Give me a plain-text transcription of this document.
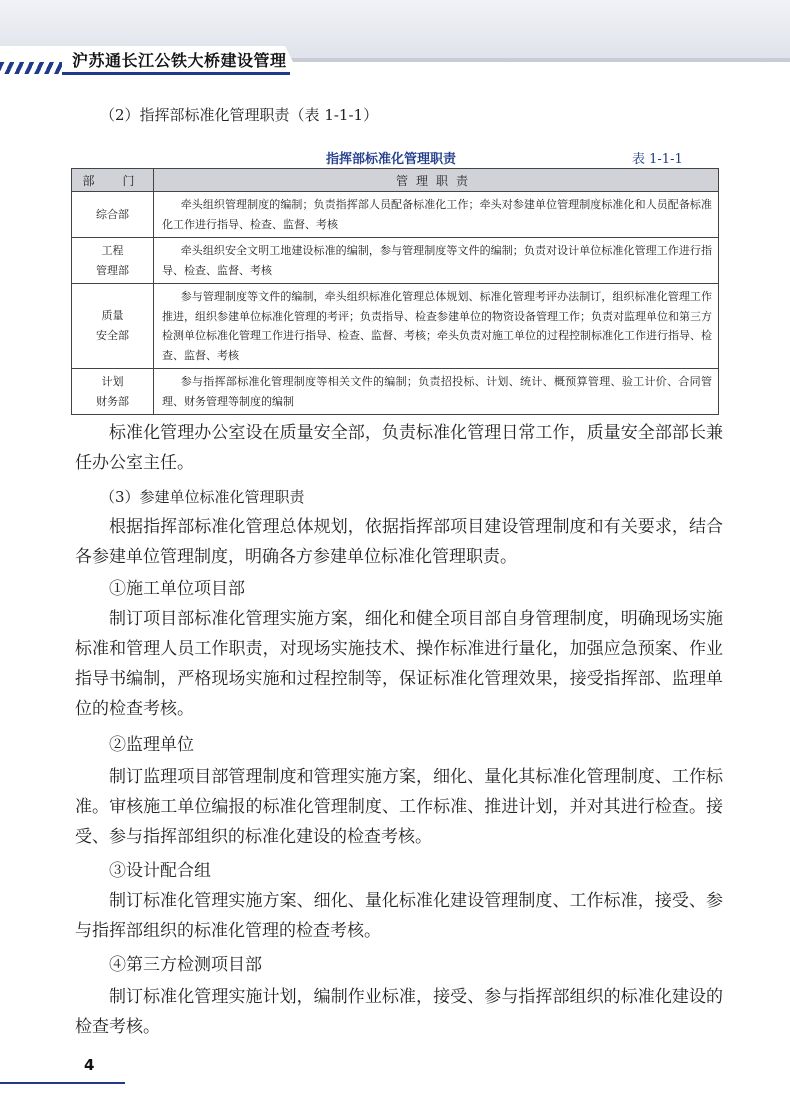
沪苏通长江公铁大桥建设管理
（2）指挥部标准化管理职责（表 1-1-1）
指挥部标准化管理职责	表 1-1-1
部　门	管理职责

综合部	牵头组织管理制度的编制；负责指挥部人员配备标准化工作；牵头对参建单位管理制度标准化和人员配备标准化工作进行指导、检查、监督、考核

工程
管理部	牵头组织安全文明工地建设标准的编制，参与管理制度等文件的编制；负责对设计单位标准化管理工作进行指导、检查、监督、考核

质量
安全部	参与管理制度等文件的编制，牵头组织标准化管理总体规划、标准化管理考评办法制订，组织标准化管理工作推进，组织参建单位标准化管理的考评；负责指导、检查参建单位的物资设备管理工作；负责对监理单位和第三方检测单位标准化管理工作进行指导、检查、监督、考核；牵头负责对施工单位的过程控制标准化工作进行指导、检查、监督、考核

计划
财务部	参与指挥部标准化管理制度等相关文件的编制；负责招投标、计划、统计、概预算管理、验工计价、合同管理、财务管理等制度的编制
标准化管理办公室设在质量安全部，负责标准化管理日常工作，质量安全部部长兼任办公室主任。
（3）参建单位标准化管理职责
根据指挥部标准化管理总体规划，依据指挥部项目建设管理制度和有关要求，结合各参建单位管理制度，明确各方参建单位标准化管理职责。
①施工单位项目部
制订项目部标准化管理实施方案，细化和健全项目部自身管理制度，明确现场实施标准和管理人员工作职责，对现场实施技术、操作标准进行量化，加强应急预案、作业指导书编制，严格现场实施和过程控制等，保证标准化管理效果，接受指挥部、监理单位的检查考核。
②监理单位
制订监理项目部管理制度和管理实施方案，细化、量化其标准化管理制度、工作标准。审核施工单位编报的标准化管理制度、工作标准、推进计划，并对其进行检查。接受、参与指挥部组织的标准化建设的检查考核。
③设计配合组
制订标准化管理实施方案、细化、量化标准化建设管理制度、工作标准，接受、参与指挥部组织的标准化管理的检查考核。
④第三方检测项目部
制订标准化管理实施计划，编制作业标准，接受、参与指挥部组织的标准化建设的检查考核。
4
